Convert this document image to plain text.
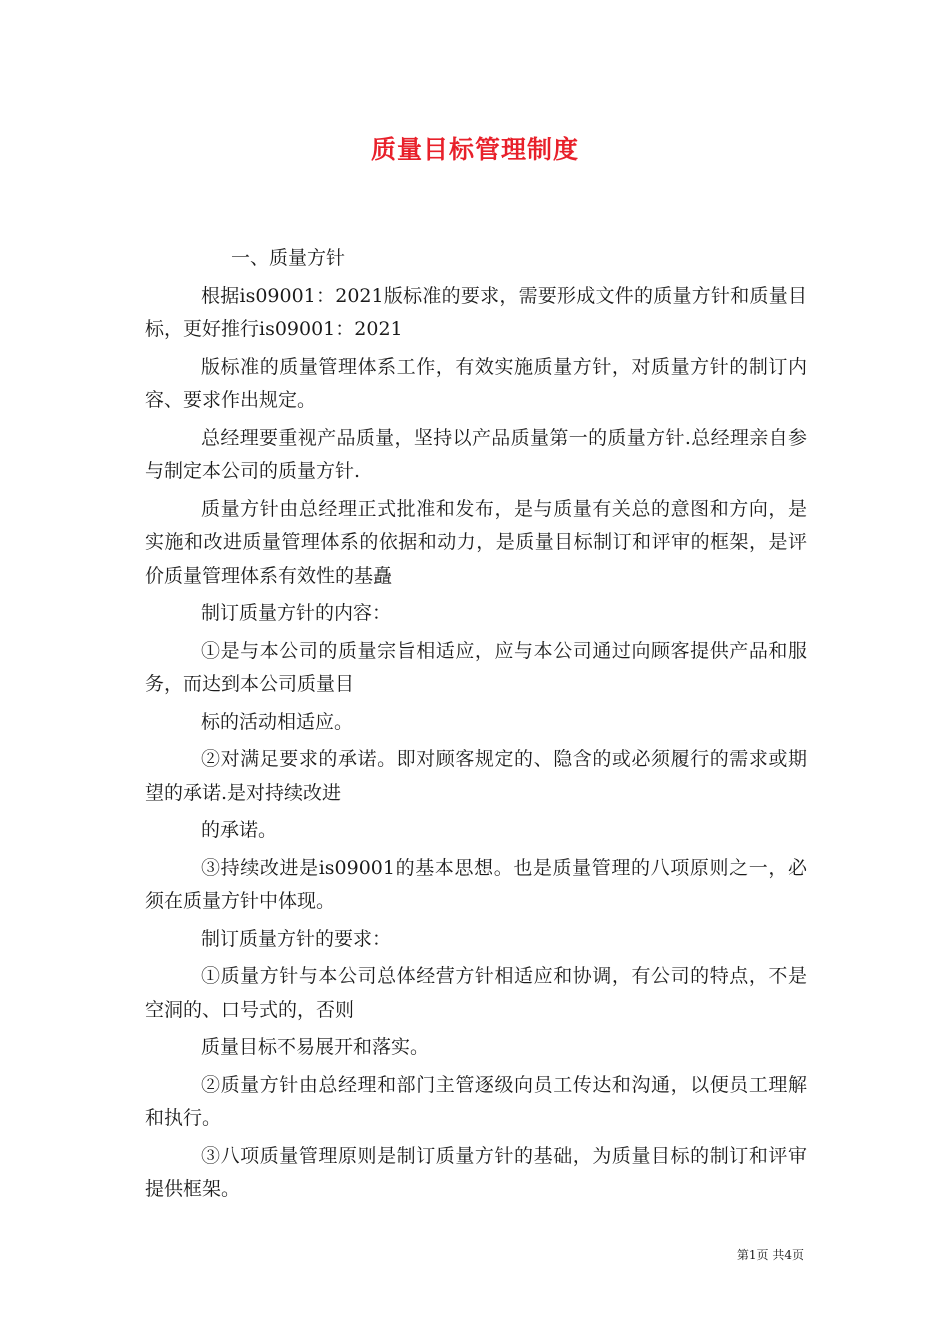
质量目标管理制度

一、质量方针

根据is09001：2021版标准的要求，需要形成文件的质量方针和质量目标，更好推行is09001：2021

版标准的质量管理体系工作，有效实施质量方针，对质量方针的制订内容、要求作出规定。

总经理要重视产品质量，坚持以产品质量第一的质量方针.总经理亲自参与制定本公司的质量方针.

质量方针由总经理正式批准和发布，是与质量有关总的意图和方向，是实施和改进质量管理体系的依据和动力，是质量目标制订和评审的框架，是评价质量管理体系有效性的基矗

制订质量方针的内容：

①是与本公司的质量宗旨相适应，应与本公司通过向顾客提供产品和服务，而达到本公司质量目

标的活动相适应。

②对满足要求的承诺。即对顾客规定的、隐含的或必须履行的需求或期望的承诺.是对持续改进

的承诺。

③持续改进是is09001的基本思想。也是质量管理的八项原则之一，必须在质量方针中体现。

制订质量方针的要求：

①质量方针与本公司总体经营方针相适应和协调，有公司的特点，不是空洞的、口号式的，否则

质量目标不易展开和落实。

②质量方针由总经理和部门主管逐级向员工传达和沟通，以便员工理解和执行。

③八项质量管理原则是制订质量方针的基础，为质量目标的制订和评审提供框架。

第1页 共4页
